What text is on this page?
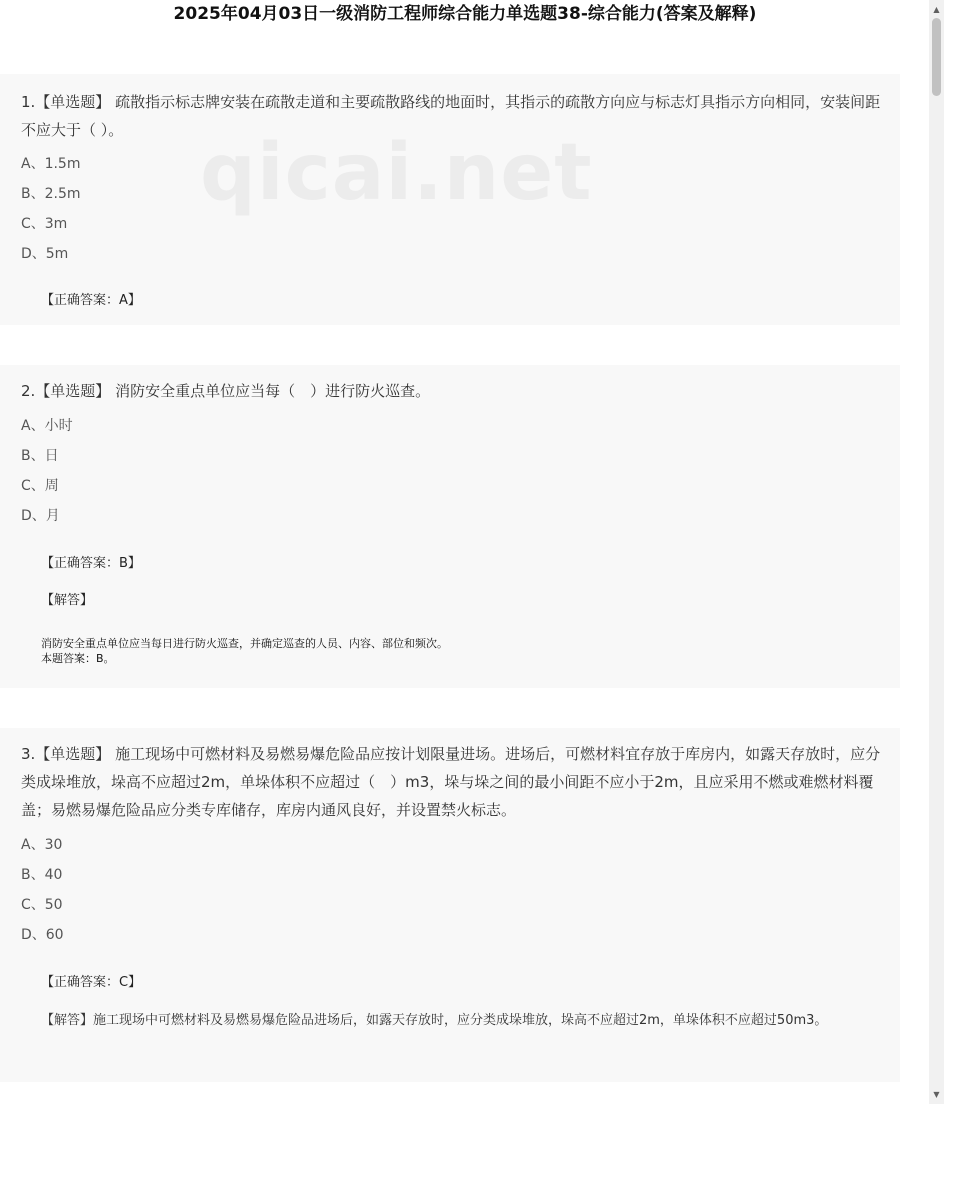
2025年04月03日一级消防工程师综合能力单选题38-综合能力(答案及解释)
1.【单选题】 疏散指示标志牌安装在疏散走道和主要疏散路线的地面时，其指示的疏散方向应与标志灯具指示方向相同，安装间距不应大于（ ）。
A、1.5m
B、2.5m
C、3m
D、5m
【正确答案：A】
qicai.net
2.【单选题】 消防安全重点单位应当每（　）进行防火巡查。
A、小时
B、日
C、周
D、月
【正确答案：B】
【解答】
消防安全重点单位应当每日进行防火巡查，并确定巡查的人员、内容、部位和频次。
本题答案：B。
3.【单选题】 施工现场中可燃材料及易燃易爆危险品应按计划限量进场。进场后，可燃材料宜存放于库房内，如露天存放时，应分类成垛堆放，垛高不应超过2m，单垛体积不应超过（　）m3，垛与垛之间的最小间距不应小于2m，且应采用不燃或难燃材料覆盖；易燃易爆危险品应分类专库储存，库房内通风良好，并设置禁火标志。
A、30
B、40
C、50
D、60
【正确答案：C】
【解答】施工现场中可燃材料及易燃易爆危险品进场后，如露天存放时，应分类成垛堆放，垛高不应超过2m，单垛体积不应超过50m3。
▲
▼
